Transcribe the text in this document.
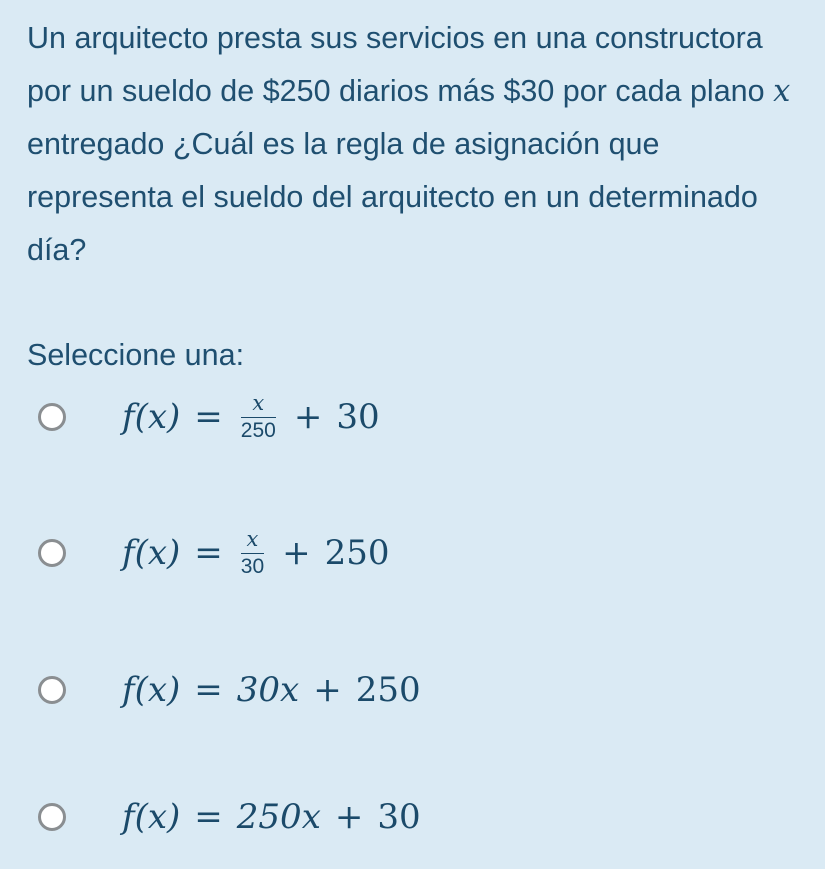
Un arquitecto presta sus servicios en una constructora por un sueldo de $250 diarios más $30 por cada plano x entregado ¿Cuál es la regla de asignación que representa el sueldo del arquitecto en un determinado día?
Seleccione una:
$f(x) = \frac{x}{250} + 30$
$f(x) = \frac{x}{30} + 250$
f(x) = 30x + 250
f(x) = 250x + 30
